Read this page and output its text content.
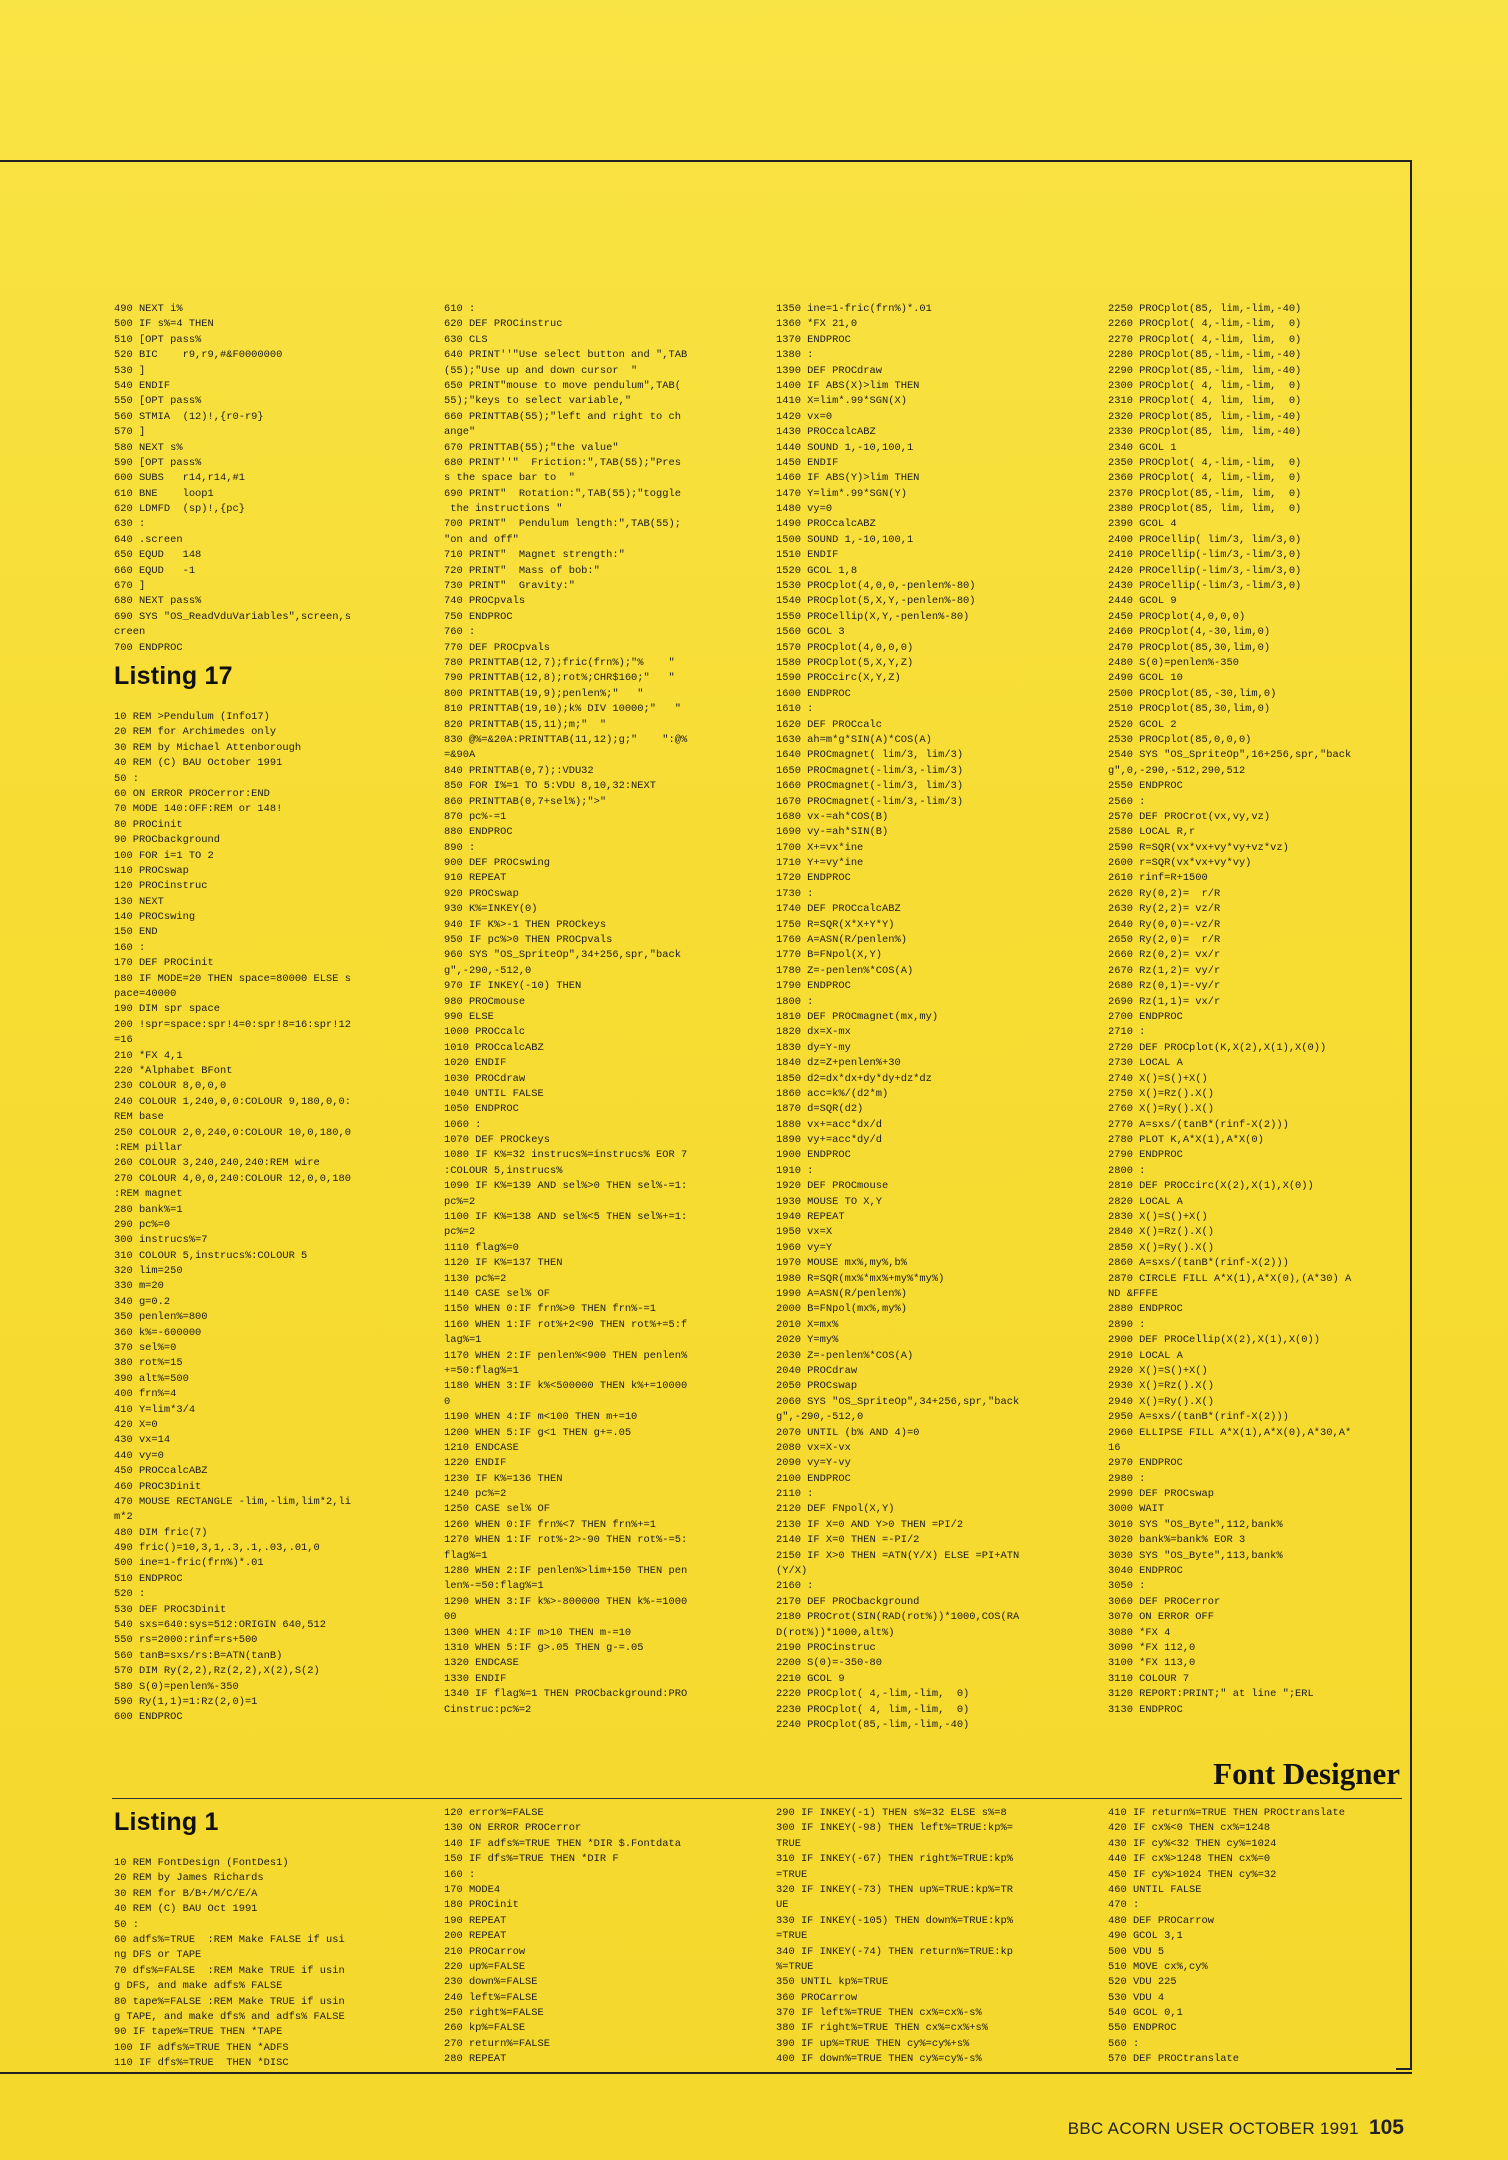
490 NEXT i%
500 IF s%=4 THEN
510 [OPT pass%
520 BIC    r9,r9,#&F0000000
530 ]
540 ENDIF
550 [OPT pass%
560 STMIA  (12)!,{r0-r9}
570 ]
580 NEXT s%
590 [OPT pass%
600 SUBS   r14,r14,#1
610 BNE    loop1
620 LDMFD  (sp)!,{pc}
630 :
640 .screen
650 EQUD   148
660 EQUD   -1
670 ]
680 NEXT pass%
690 SYS "OS_ReadVduVariables",screen,s
creen
700 ENDPROC
Listing 17
10 REM >Pendulum (Info17)
20 REM for Archimedes only
30 REM by Michael Attenborough
40 REM (C) BAU October 1991
50 :
60 ON ERROR PROCerror:END
70 MODE 140:OFF:REM or 148!
80 PROCinit
90 PROCbackground
100 FOR i=1 TO 2
110 PROCswap
120 PROCinstruc
130 NEXT
140 PROCswing
150 END
160 :
170 DEF PROCinit
180 IF MODE=20 THEN space=80000 ELSE s
pace=40000
190 DIM spr space
200 !spr=space:spr!4=0:spr!8=16:spr!12
=16
210 *FX 4,1
220 *Alphabet BFont
230 COLOUR 8,0,0,0
240 COLOUR 1,240,0,0:COLOUR 9,180,0,0:
REM base
250 COLOUR 2,0,240,0:COLOUR 10,0,180,0
:REM pillar
260 COLOUR 3,240,240,240:REM wire
270 COLOUR 4,0,0,240:COLOUR 12,0,0,180
:REM magnet
280 bank%=1
290 pc%=0
300 instrucs%=7
310 COLOUR 5,instrucs%:COLOUR 5
320 lim=250
330 m=20
340 g=0.2
350 penlen%=800
360 k%=-600000
370 sel%=0
380 rot%=15
390 alt%=500
400 frn%=4
410 Y=lim*3/4
420 X=0
430 vx=14
440 vy=0
450 PROCcalcABZ
460 PROC3Dinit
470 MOUSE RECTANGLE -lim,-lim,lim*2,li
m*2
480 DIM fric(7)
490 fric()=10,3,1,.3,.1,.03,.01,0
500 ine=1-fric(frn%)*.01
510 ENDPROC
520 :
530 DEF PROC3Dinit
540 sxs=640:sys=512:ORIGIN 640,512
550 rs=2000:rinf=rs+500
560 tanB=sxs/rs:B=ATN(tanB)
570 DIM Ry(2,2),Rz(2,2),X(2),S(2)
580 S(0)=penlen%-350
590 Ry(1,1)=1:Rz(2,0)=1
600 ENDPROC
610 :
620 DEF PROCinstruc
630 CLS
640 PRINT''"Use select button and ",TAB
(55);"Use up and down cursor  "
650 PRINT"mouse to move pendulum",TAB(
55);"keys to select variable,"
660 PRINTTAB(55);"left and right to ch
ange"
670 PRINTTAB(55);"the value"
680 PRINT''"  Friction:",TAB(55);"Pres
s the space bar to  "
690 PRINT"  Rotation:",TAB(55);"toggle
the instructions "
700 PRINT"  Pendulum length:",TAB(55);
"on and off"
710 PRINT"  Magnet strength:"
720 PRINT"  Mass of bob:"
730 PRINT"  Gravity:"
740 PROCpvals
750 ENDPROC
760 :
770 DEF PROCpvals
780 PRINTTAB(12,7);fric(frn%);"%    "
790 PRINTTAB(12,8);rot%;CHR$160;"   "
800 PRINTTAB(19,9);penlen%;"   "
810 PRINTTAB(19,10);k% DIV 10000;"   "
820 PRINTTAB(15,11);m;"  "
830 @%=&20A:PRINTTAB(11,12);g;"    ":@%
=&90A
840 PRINTTAB(0,7);:VDU32
850 FOR I%=1 TO 5:VDU 8,10,32:NEXT
860 PRINTTAB(0,7+sel%);">"
870 pc%-=1
880 ENDPROC
890 :
900 DEF PROCswing
910 REPEAT
920 PROCswap
930 K%=INKEY(0)
940 IF K%>-1 THEN PROCkeys
950 IF pc%>0 THEN PROCpvals
960 SYS "OS_SpriteOp",34+256,spr,"back
g",-290,-512,0
970 IF INKEY(-10) THEN
980 PROCmouse
990 ELSE
1000 PROCcalc
1010 PROCcalcABZ
1020 ENDIF
1030 PROCdraw
1040 UNTIL FALSE
1050 ENDPROC
1060 :
1070 DEF PROCkeys
1080 IF K%=32 instrucs%=instrucs% EOR 7
:COLOUR 5,instrucs%
1090 IF K%=139 AND sel%>0 THEN sel%-=1:
pc%=2
1100 IF K%=138 AND sel%<5 THEN sel%+=1:
pc%=2
1110 flag%=0
1120 IF K%=137 THEN
1130 pc%=2
1140 CASE sel% OF
1150 WHEN 0:IF frn%>0 THEN frn%-=1
1160 WHEN 1:IF rot%+2<90 THEN rot%+=5:f
lag%=1
1170 WHEN 2:IF penlen%<900 THEN penlen%
+=50:flag%=1
1180 WHEN 3:IF k%<500000 THEN k%+=10000
0
1190 WHEN 4:IF m<100 THEN m+=10
1200 WHEN 5:IF g<1 THEN g+=.05
1210 ENDCASE
1220 ENDIF
1230 IF K%=136 THEN
1240 pc%=2
1250 CASE sel% OF
1260 WHEN 0:IF frn%<7 THEN frn%+=1
1270 WHEN 1:IF rot%-2>-90 THEN rot%-=5:
flag%=1
1280 WHEN 2:IF penlen%>lim+150 THEN pen
len%-=50:flag%=1
1290 WHEN 3:IF k%>-800000 THEN k%-=1000
00
1300 WHEN 4:IF m>10 THEN m-=10
1310 WHEN 5:IF g>.05 THEN g-=.05
1320 ENDCASE
1330 ENDIF
1340 IF flag%=1 THEN PROCbackground:PRO
Cinstruc:pc%=2
1350 ine=1-fric(frn%)*.01
1360 *FX 21,0
1370 ENDPROC
1380 :
1390 DEF PROCdraw
1400 IF ABS(X)>lim THEN
1410 X=lim*.99*SGN(X)
1420 vx=0
1430 PROCcalcABZ
1440 SOUND 1,-10,100,1
1450 ENDIF
1460 IF ABS(Y)>lim THEN
1470 Y=lim*.99*SGN(Y)
1480 vy=0
1490 PROCcalcABZ
1500 SOUND 1,-10,100,1
1510 ENDIF
1520 GCOL 1,8
1530 PROCplot(4,0,0,-penlen%-80)
1540 PROCplot(5,X,Y,-penlen%-80)
1550 PROCellip(X,Y,-penlen%-80)
1560 GCOL 3
1570 PROCplot(4,0,0,0)
1580 PROCplot(5,X,Y,Z)
1590 PROCcirc(X,Y,Z)
1600 ENDPROC
1610 :
1620 DEF PROCcalc
1630 ah=m*g*SIN(A)*COS(A)
1640 PROCmagnet( lim/3, lim/3)
1650 PROCmagnet(-lim/3,-lim/3)
1660 PROCmagnet(-lim/3, lim/3)
1670 PROCmagnet(-lim/3,-lim/3)
1680 vx-=ah*COS(B)
1690 vy-=ah*SIN(B)
1700 X+=vx*ine
1710 Y+=vy*ine
1720 ENDPROC
1730 :
1740 DEF PROCcalcABZ
1750 R=SQR(X*X+Y*Y)
1760 A=ASN(R/penlen%)
1770 B=FNpol(X,Y)
1780 Z=-penlen%*COS(A)
1790 ENDPROC
1800 :
1810 DEF PROCmagnet(mx,my)
1820 dx=X-mx
1830 dy=Y-my
1840 dz=Z+penlen%+30
1850 d2=dx*dx+dy*dy+dz*dz
1860 acc=k%/(d2*m)
1870 d=SQR(d2)
1880 vx+=acc*dx/d
1890 vy+=acc*dy/d
1900 ENDPROC
1910 :
1920 DEF PROCmouse
1930 MOUSE TO X,Y
1940 REPEAT
1950 vx=X
1960 vy=Y
1970 MOUSE mx%,my%,b%
1980 R=SQR(mx%*mx%+my%*my%)
1990 A=ASN(R/penlen%)
2000 B=FNpol(mx%,my%)
2010 X=mx%
2020 Y=my%
2030 Z=-penlen%*COS(A)
2040 PROCdraw
2050 PROCswap
2060 SYS "OS_SpriteOp",34+256,spr,"back
g",-290,-512,0
2070 UNTIL (b% AND 4)=0
2080 vx=X-vx
2090 vy=Y-vy
2100 ENDPROC
2110 :
2120 DEF FNpol(X,Y)
2130 IF X=0 AND Y>0 THEN =PI/2
2140 IF X=0 THEN =-PI/2
2150 IF X>0 THEN =ATN(Y/X) ELSE =PI+ATN
(Y/X)
2160 :
2170 DEF PROCbackground
2180 PROCrot(SIN(RAD(rot%))*1000,COS(RA
D(rot%))*1000,alt%)
2190 PROCinstruc
2200 S(0)=-350-80
2210 GCOL 9
2220 PROCplot( 4,-lim,-lim,  0)
2230 PROCplot( 4, lim,-lim,  0)
2240 PROCplot(85,-lim,-lim,-40)
2250 PROCplot(85, lim,-lim,-40)
2260 PROCplot( 4,-lim,-lim,  0)
2270 PROCplot( 4,-lim, lim,  0)
2280 PROCplot(85,-lim,-lim,-40)
2290 PROCplot(85,-lim, lim,-40)
2300 PROCplot( 4, lim,-lim,  0)
2310 PROCplot( 4, lim, lim,  0)
2320 PROCplot(85, lim,-lim,-40)
2330 PROCplot(85, lim, lim,-40)
2340 GCOL 1
2350 PROCplot( 4,-lim,-lim,  0)
2360 PROCplot( 4, lim,-lim,  0)
2370 PROCplot(85,-lim, lim,  0)
2380 PROCplot(85, lim, lim,  0)
2390 GCOL 4
2400 PROCellip( lim/3, lim/3,0)
2410 PROCellip(-lim/3,-lim/3,0)
2420 PROCellip(-lim/3,-lim/3,0)
2430 PROCellip(-lim/3,-lim/3,0)
2440 GCOL 9
2450 PROCplot(4,0,0,0)
2460 PROCplot(4,-30,lim,0)
2470 PROCplot(85,30,lim,0)
2480 S(0)=penlen%-350
2490 GCOL 10
2500 PROCplot(85,-30,lim,0)
2510 PROCplot(85,30,lim,0)
2520 GCOL 2
2530 PROCplot(85,0,0,0)
2540 SYS "OS_SpriteOp",16+256,spr,"back
g",0,-290,-512,290,512
2550 ENDPROC
2560 :
2570 DEF PROCrot(vx,vy,vz)
2580 LOCAL R,r
2590 R=SQR(vx*vx+vy*vy+vz*vz)
2600 r=SQR(vx*vx+vy*vy)
2610 rinf=R+1500
2620 Ry(0,2)=  r/R
2630 Ry(2,2)= vz/R
2640 Ry(0,0)=-vz/R
2650 Ry(2,0)=  r/R
2660 Rz(0,2)= vx/r
2670 Rz(1,2)= vy/r
2680 Rz(0,1)=-vy/r
2690 Rz(1,1)= vx/r
2700 ENDPROC
2710 :
2720 DEF PROCplot(K,X(2),X(1),X(0))
2730 LOCAL A
2740 X()=S()+X()
2750 X()=Rz().X()
2760 X()=Ry().X()
2770 A=sxs/(tanB*(rinf-X(2)))
2780 PLOT K,A*X(1),A*X(0)
2790 ENDPROC
2800 :
2810 DEF PROCcirc(X(2),X(1),X(0))
2820 LOCAL A
2830 X()=S()+X()
2840 X()=Rz().X()
2850 X()=Ry().X()
2860 A=sxs/(tanB*(rinf-X(2)))
2870 CIRCLE FILL A*X(1),A*X(0),(A*30) A
ND &FFFE
2880 ENDPROC
2890 :
2900 DEF PROCellip(X(2),X(1),X(0))
2910 LOCAL A
2920 X()=S()+X()
2930 X()=Rz().X()
2940 X()=Ry().X()
2950 A=sxs/(tanB*(rinf-X(2)))
2960 ELLIPSE FILL A*X(1),A*X(0),A*30,A*
16
2970 ENDPROC
2980 :
2990 DEF PROCswap
3000 WAIT
3010 SYS "OS_Byte",112,bank%
3020 bank%=bank% EOR 3
3030 SYS "OS_Byte",113,bank%
3040 ENDPROC
3050 :
3060 DEF PROCerror
3070 ON ERROR OFF
3080 *FX 4
3090 *FX 112,0
3100 *FX 113,0
3110 COLOUR 7
3120 REPORT:PRINT;" at line ";ERL
3130 ENDPROC
Font Designer
Listing 1
10 REM FontDesign (FontDes1)
20 REM by James Richards
30 REM for B/B+/M/C/E/A
40 REM (C) BAU Oct 1991
50 :
60 adfs%=TRUE  :REM Make FALSE if usi
ng DFS or TAPE
70 dfs%=FALSE  :REM Make TRUE if usin
g DFS, and make adfs% FALSE
80 tape%=FALSE :REM Make TRUE if usin
g TAPE, and make dfs% and adfs% FALSE
90 IF tape%=TRUE THEN *TAPE
100 IF adfs%=TRUE THEN *ADFS
110 IF dfs%=TRUE  THEN *DISC
120 error%=FALSE
130 ON ERROR PROCerror
140 IF adfs%=TRUE THEN *DIR $.Fontdata
150 IF dfs%=TRUE THEN *DIR F
160 :
170 MODE4
180 PROCinit
190 REPEAT
200 REPEAT
210 PROCarrow
220 up%=FALSE
230 down%=FALSE
240 left%=FALSE
250 right%=FALSE
260 kp%=FALSE
270 return%=FALSE
280 REPEAT
290 IF INKEY(-1) THEN s%=32 ELSE s%=8
300 IF INKEY(-98) THEN left%=TRUE:kp%=
TRUE
310 IF INKEY(-67) THEN right%=TRUE:kp%
=TRUE
320 IF INKEY(-73) THEN up%=TRUE:kp%=TR
UE
330 IF INKEY(-105) THEN down%=TRUE:kp%
=TRUE
340 IF INKEY(-74) THEN return%=TRUE:kp
%=TRUE
350 UNTIL kp%=TRUE
360 PROCarrow
370 IF left%=TRUE THEN cx%=cx%-s%
380 IF right%=TRUE THEN cx%=cx%+s%
390 IF up%=TRUE THEN cy%=cy%+s%
400 IF down%=TRUE THEN cy%=cy%-s%
410 IF return%=TRUE THEN PROCtranslate
420 IF cx%<0 THEN cx%=1248
430 IF cy%<32 THEN cy%=1024
440 IF cx%>1248 THEN cx%=0
450 IF cy%>1024 THEN cy%=32
460 UNTIL FALSE
470 :
480 DEF PROCarrow
490 GCOL 3,1
500 VDU 5
510 MOVE cx%,cy%
520 VDU 225
530 VDU 4
540 GCOL 0,1
550 ENDPROC
560 :
570 DEF PROCtranslate
BBC ACORN USER OCTOBER 1991 105
